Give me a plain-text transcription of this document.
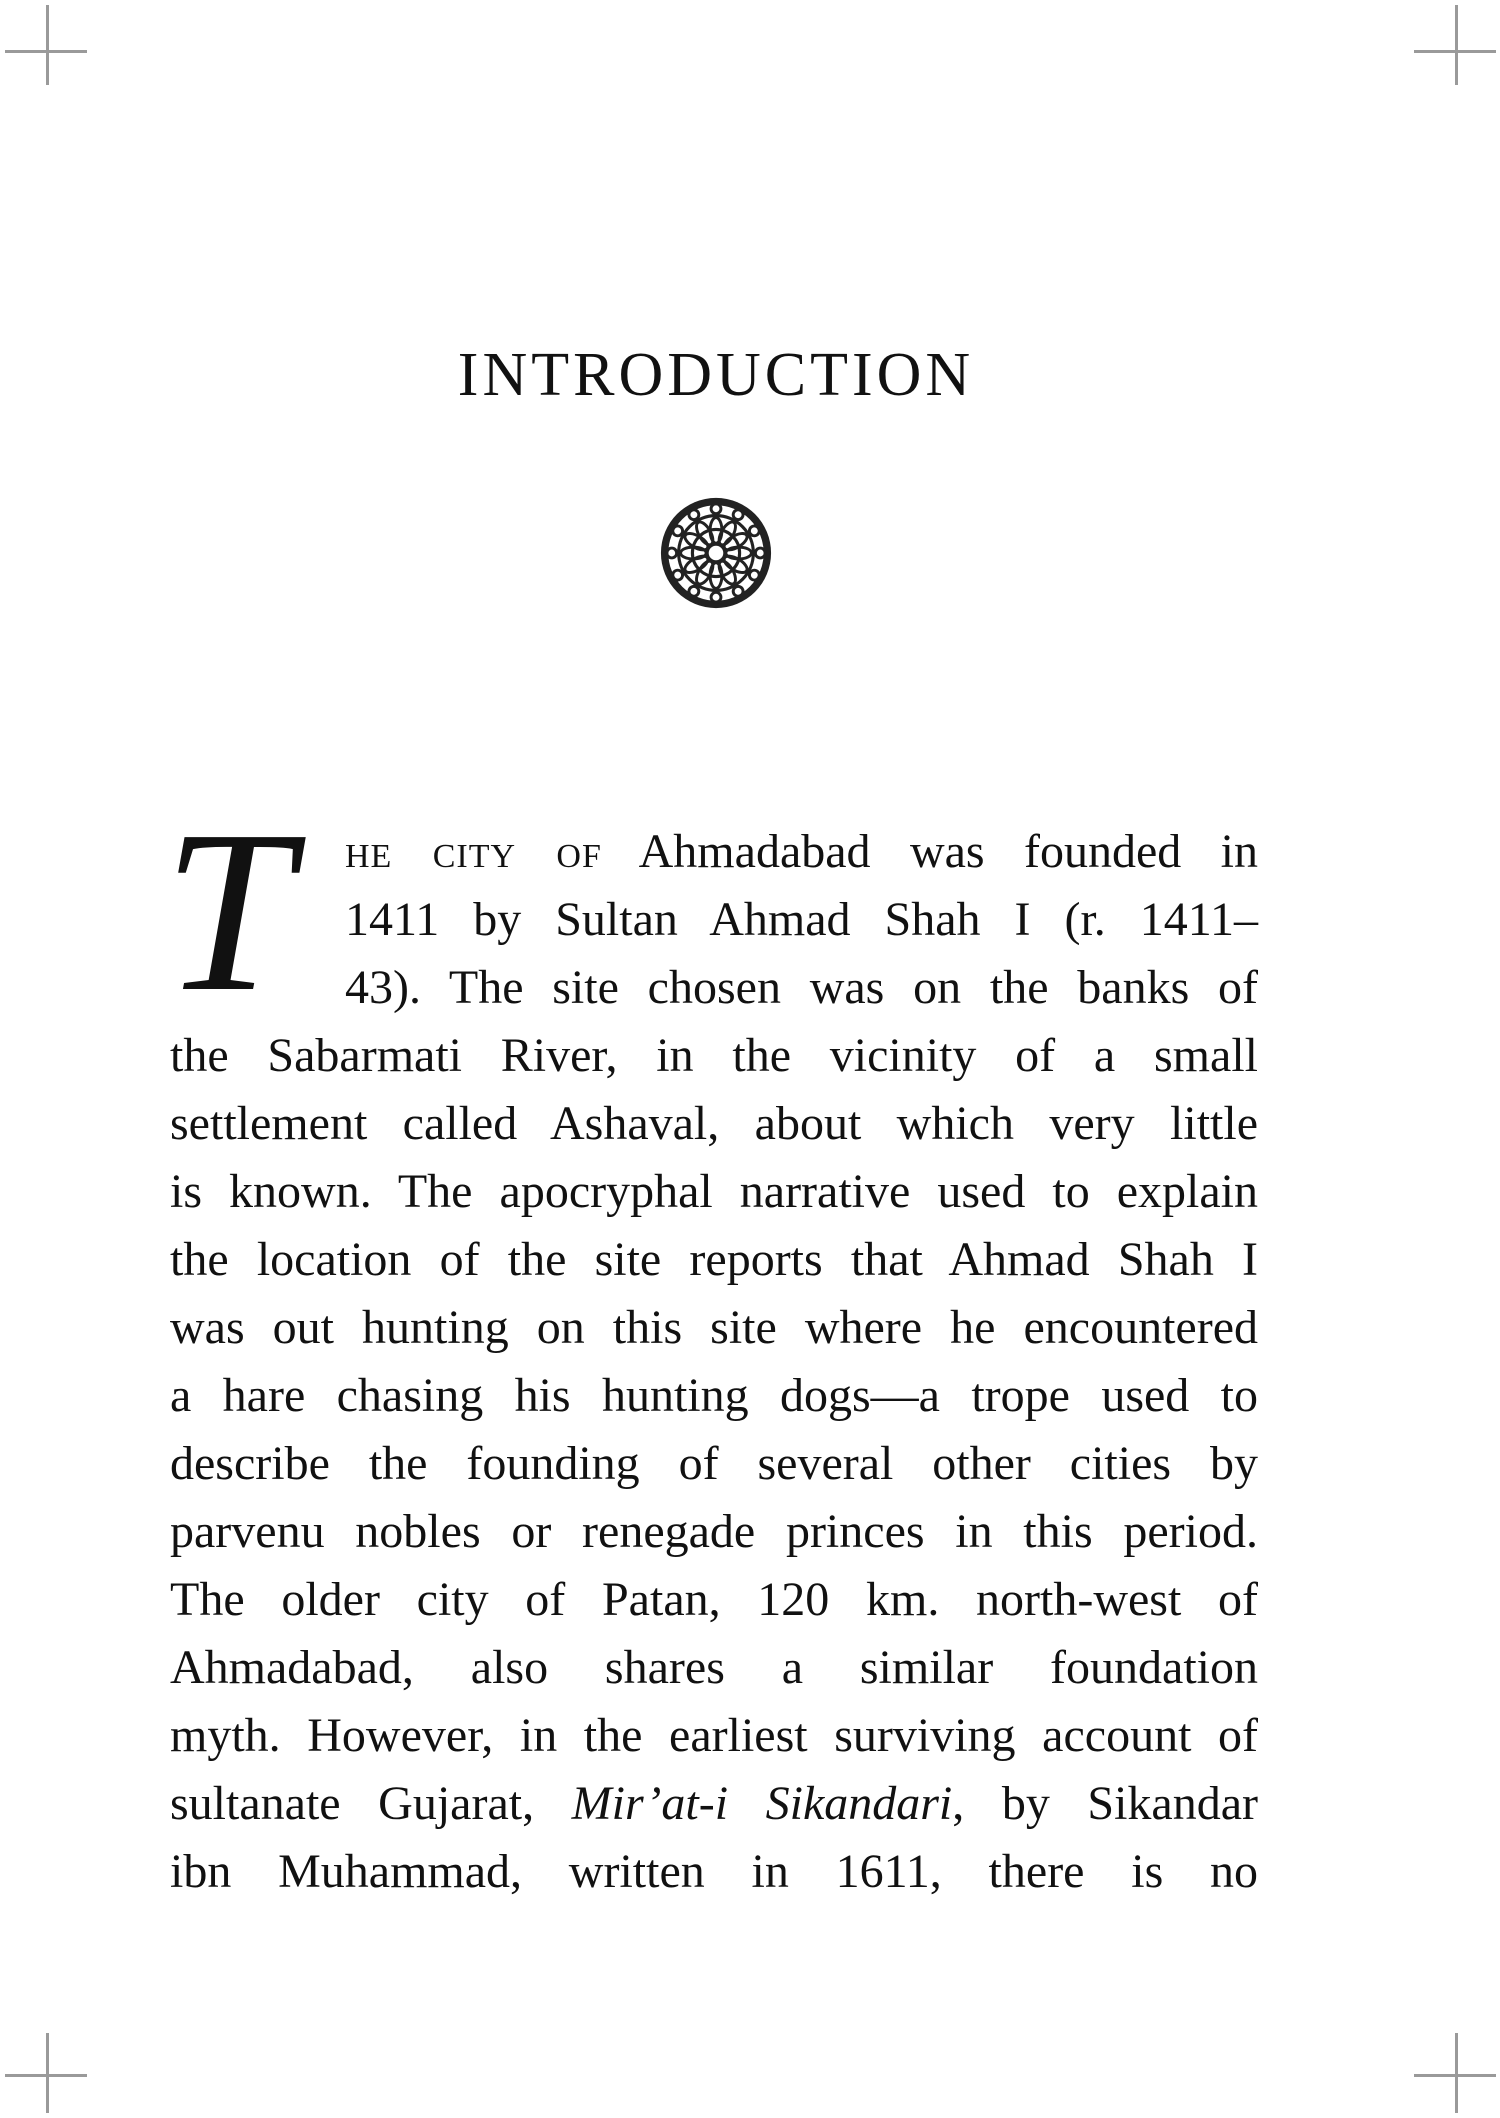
INTRODUCTION
T he city of Ahmadabad was founded in
1411 by Sultan Ahmad Shah I (r. 1411–
43). The site chosen was on the banks of
the Sabarmati River, in the vicinity of a small
settlement called Ashaval, about which very little
is known. The apocryphal narrative used to explain
the location of the site reports that Ahmad Shah I
was out hunting on this site where he encountered
a hare chasing his hunting dogs—a trope used to
describe the founding of several other cities by
parvenu nobles or renegade princes in this period.
The older city of Patan, 120 km. north-west of
Ahmadabad, also shares a similar foundation
myth. However, in the earliest surviving account of
sultanate Gujarat, Mir’at-i Sikandari, by Sikandar
ibn Muhammad, written in 1611, there is no
